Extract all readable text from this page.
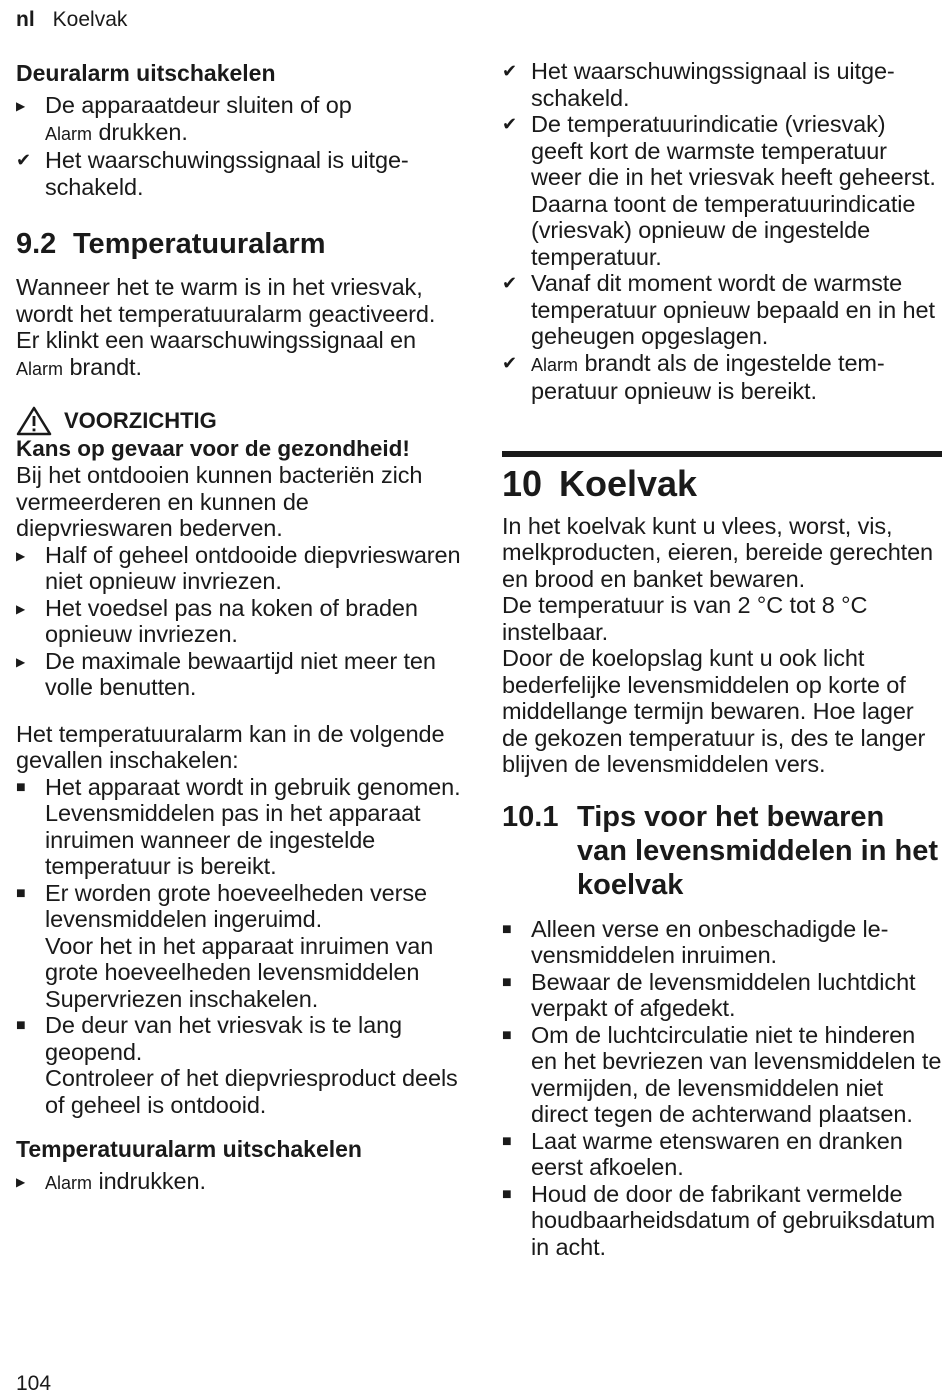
nl Koelvak
Deuralarm uitschakelen
▶ De apparaatdeur sluiten of op
Alarm drukken.
✔ Het waarschuwingssignaal is uitgeschakeld.
9.2 Temperatuuralarm

Wanneer het te warm is in het vriesvak, wordt het temperatuuralarm geactiveerd.

Er klinkt een waarschuwingssignaal en Alarm brandt.

VOORZICHTIG
Kans op gevaar voor de gezondheid!

Bij het ontdooien kunnen bacteriën zich vermeerderen en kunnen de diepvrieswaren bederven.

▶ Half of geheel ontdooide diepvrieswaren niet opnieuw invriezen.
▶ Het voedsel pas na koken of braden opnieuw invriezen.
▶ De maximale bewaartijd niet meer ten volle benutten.

Het temperatuuralarm kan in de volgende gevallen inschakelen:

■ Het apparaat wordt in gebruik genomen.
Levensmiddelen pas in het apparaat inruimen wanneer de ingestelde temperatuur is bereikt.
■ Er worden grote hoeveelheden verse levensmiddelen ingeruimd.
Voor het in het apparaat inruimen van grote hoeveelheden levensmiddelen Supervriezen inschakelen.
■ De deur van het vriesvak is te lang geopend.
Controleer of het diepvriesproduct deels of geheel is ontdooid.
Temperatuuralarm uitschakelen
▶	Alarm indrukken.
✔ Het waarschuwingssignaal is uitgeschakeld.
✔ De temperatuurindicatie (vriesvak) geeft kort de warmste temperatuur weer die in het vriesvak heeft geheerst. Daarna toont de temperatuurindicatie (vriesvak) opnieuw de ingestelde temperatuur.
✔ Vanaf dit moment wordt de warmste temperatuur opnieuw bepaald en in het geheugen opgeslagen.
✔ Alarm brandt als de ingestelde temperatuur opnieuw is bereikt.
10 Koelvak

In het koelvak kunt u vlees, worst, vis, melkproducten, eieren, bereide gerechten en brood en banket bewaren.

De temperatuur is van 2 °C tot 8 °C instelbaar.

Door de koelopslag kunt u ook licht bederfelijke levensmiddelen op korte of middellange termijn bewaren. Hoe lager de gekozen temperatuur is, des te langer blijven de levensmiddelen vers.

10.1 Tips voor het bewaren van levensmiddelen in het koelvak
■ Alleen verse en onbeschadigde levensmiddelen inruimen.
■ Bewaar de levensmiddelen luchtdicht verpakt of afgedekt.
■ Om de luchtcirculatie niet te hinderen en het bevriezen van levensmiddelen te vermijden, de levensmiddelen niet direct tegen de achterwand plaatsen.
■ Laat warme etenswaren en dranken eerst afkoelen.
■ Houd de door de fabrikant vermelde houdbaarheidsdatum of gebruiksdatum in acht.
104
